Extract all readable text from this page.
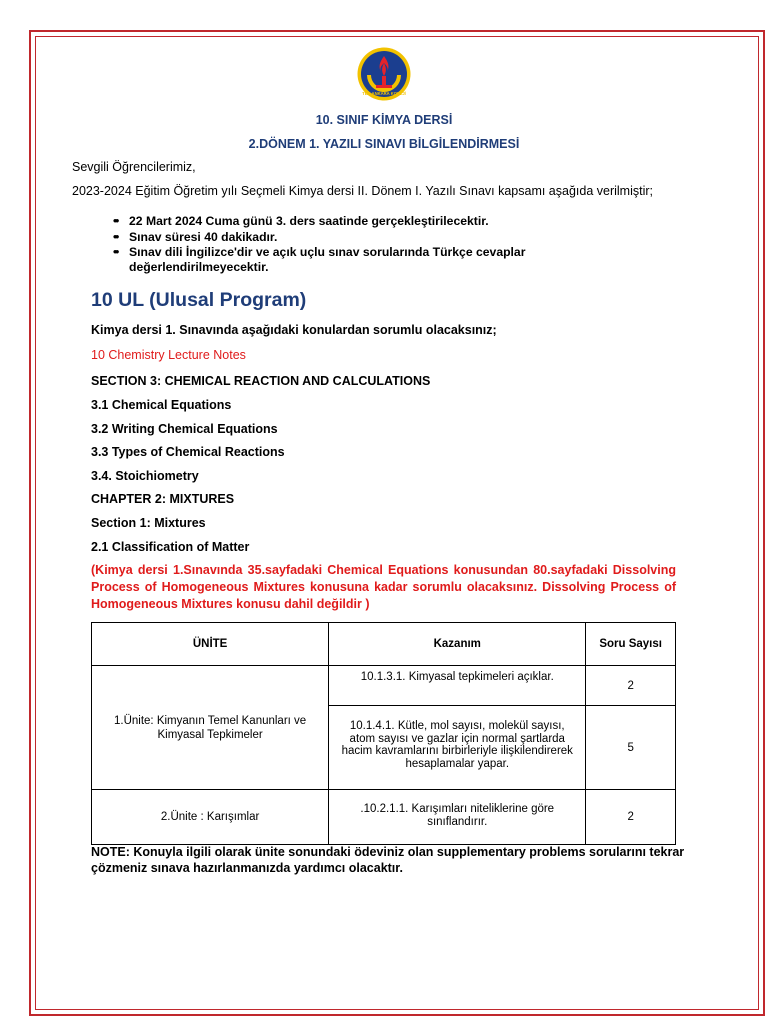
TED ANKARA KOLEJİ
10. SINIF KİMYA DERSİ
2.DÖNEM 1. YAZILI SINAVI BİLGİLENDİRMESİ
Sevgili Öğrencilerimiz,
2023-2024 Eğitim Öğretim yılı Seçmeli Kimya dersi II. Dönem I. Yazılı Sınavı kapsamı aşağıda verilmiştir;
• • 22 Mart 2024 Cuma günü 3. ders saatinde gerçekleştirilecektir.
• • Sınav süresi 40 dakikadır.
• • Sınav dili İngilizce'dir ve açık uçlu sınav sorularında Türkçe cevaplar değerlendirilmeyecektir.
10 UL (Ulusal Program)
Kimya dersi 1. Sınavında aşağıdaki konulardan sorumlu olacaksınız;
10 Chemistry Lecture Notes
SECTION 3: CHEMICAL REACTION AND CALCULATIONS
3.1 Chemical Equations
3.2 Writing Chemical Equations
3.3 Types of Chemical Reactions
3.4. Stoichiometry
CHAPTER 2: MIXTURES
Section 1: Mixtures
2.1 Classification of Matter
(Kimya dersi 1.Sınavında 35.sayfadaki Chemical Equations konusundan 80.sayfadaki Dissolving Process of Homogeneous Mixtures konusuna kadar sorumlu olacaksınız. Dissolving Process of Homogeneous Mixtures konusu dahil değildir )
ÜNİTE	Kazanım	Soru Sayısı
1.Ünite: Kimyanın Temel Kanunları ve Kimyasal Tepkimeler	10.1.3.1. Kimyasal tepkimeleri açıklar.	2
	10.1.4.1. Kütle, mol sayısı, molekül sayısı, atom sayısı ve gazlar için normal şartlarda hacim kavramlarını birbirleriyle ilişkilendirerek hesaplamalar yapar.	5
2.Ünite : Karışımlar	.10.2.1.1. Karışımları niteliklerine göre sınıflandırır.	2
NOTE: Konuyla ilgili olarak ünite sonundaki ödeviniz olan supplementary problems sorularını tekrar çözmeniz sınava hazırlanmanızda yardımcı olacaktır.
